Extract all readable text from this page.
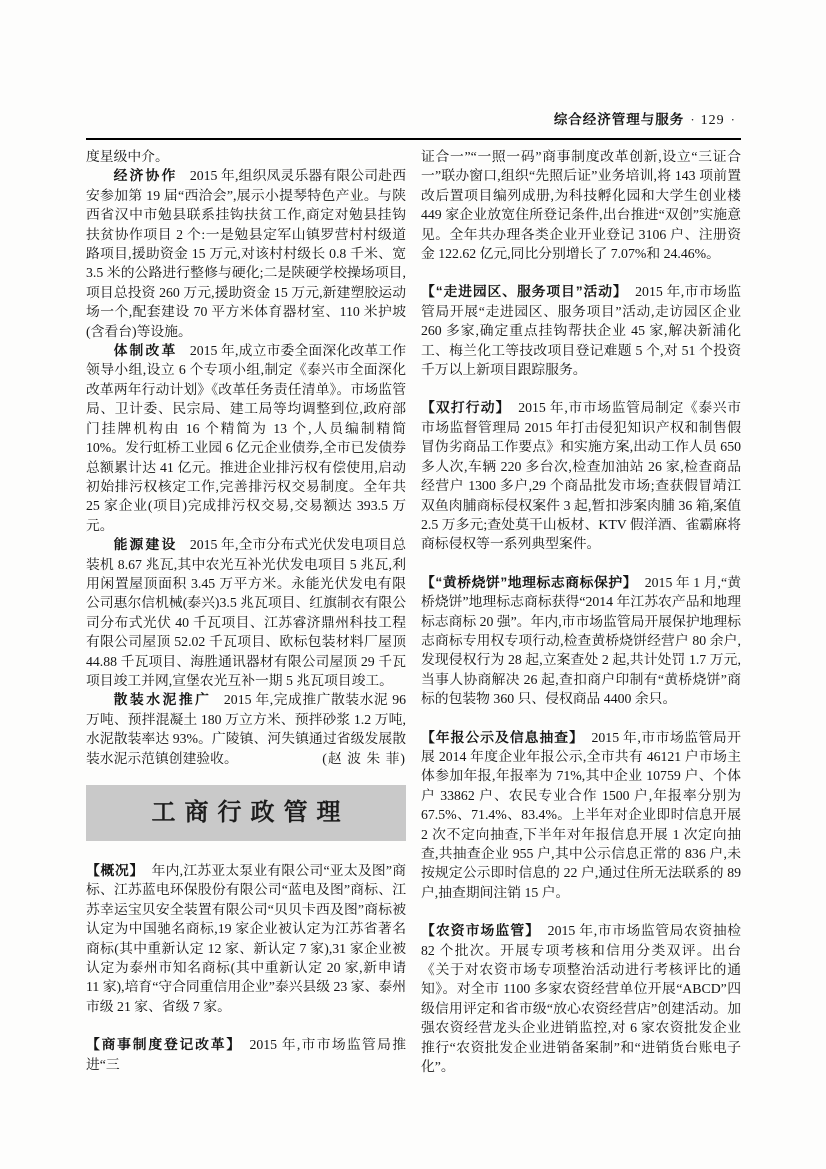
综合经济管理与服务 · 129 ·

度星级中介。

经济协作 2015 年,组织凤灵乐器有限公司赴西安参加第 19 届“西洽会”,展示小提琴特色产业。与陕西省汉中市勉县联系挂钩扶贫工作,商定对勉县挂钩扶贫协作项目 2 个:一是勉县定军山镇罗营村村级道路项目,援助资金 15 万元,对该村村级长 0.8 千米、宽 3.5 米的公路进行整修与硬化;二是陕硬学校操场项目,项目总投资 260 万元,援助资金 15 万元,新建塑胶运动场一个,配套建设 70 平方米体育器材室、110 米护坡(含看台)等设施。

体制改革 2015 年,成立市委全面深化改革工作领导小组,设立 6 个专项小组,制定《泰兴市全面深化改革两年行动计划》《改革任务责任清单》。市场监管局、卫计委、民宗局、建工局等均调整到位,政府部门挂牌机构由 16 个精简为 13 个,人员编制精简 10%。发行虹桥工业园 6 亿元企业债券,全市已发债券总额累计达 41 亿元。推进企业排污权有偿使用,启动初始排污权核定工作,完善排污权交易制度。全年共 25 家企业(项目)完成排污权交易,交易额达 393.5 万元。

能源建设 2015 年,全市分布式光伏发电项目总装机 8.67 兆瓦,其中农光互补光伏发电项目 5 兆瓦,利用闲置屋顶面积 3.45 万平方米。永能光伏发电有限公司惠尔信机械(泰兴)3.5 兆瓦项目、红旗制衣有限公司分布式光伏 40 千瓦项目、江苏睿济鼎州科技工程有限公司屋顶 52.02 千瓦项目、欧标包装材料厂屋顶 44.88 千瓦项目、海胜通讯器材有限公司屋顶 29 千瓦项目竣工并网,宣堡农光互补一期 5 兆瓦项目竣工。

散装水泥推广 2015 年,完成推广散装水泥 96 万吨、预拌混凝土 180 万立方米、预拌砂浆 1.2 万吨,水泥散装率达 93%。广陵镇、河失镇通过省级发展散装水泥示范镇创建验收。	(赵 波 朱 菲)

工商行政管理

【概况】 年内,江苏亚太泵业有限公司“亚太及图”商标、江苏蓝电环保股份有限公司“蓝电及图”商标、江苏幸运宝贝安全装置有限公司“贝贝卡西及图”商标被认定为中国驰名商标,19 家企业被认定为江苏省著名商标(其中重新认定 12 家、新认定 7 家),31 家企业被认定为泰州市知名商标(其中重新认定 20 家,新申请 11 家),培育“守合同重信用企业”泰兴县级 23 家、泰州市级 21 家、省级 7 家。

【商事制度登记改革】 2015 年,市市场监管局推进“三

证合一”“一照一码”商事制度改革创新,设立“三证合一”联办窗口,组织“先照后证”业务培训,将 143 项前置改后置项目编列成册,为科技孵化园和大学生创业楼 449 家企业放宽住所登记条件,出台推进“双创”实施意见。全年共办理各类企业开业登记 3106 户、注册资金 122.62 亿元,同比分别增长了 7.07%和 24.46%。

【“走进园区、服务项目”活动】 2015 年,市市场监管局开展“走进园区、服务项目”活动,走访园区企业 260 多家,确定重点挂钩帮扶企业 45 家,解决新浦化工、梅兰化工等技改项目登记难题 5 个,对 51 个投资千万以上新项目跟踪服务。

【双打行动】 2015 年,市市场监管局制定《泰兴市市场监督管理局 2015 年打击侵犯知识产权和制售假冒伪劣商品工作要点》和实施方案,出动工作人员 650 多人次,车辆 220 多台次,检查加油站 26 家,检查商品经营户 1300 多户,29 个商品批发市场;查获假冒靖江双鱼肉脯商标侵权案件 3 起,暂扣涉案肉脯 36 箱,案值 2.5 万多元;查处莫干山板材、KTV 假洋酒、雀霸麻将商标侵权等一系列典型案件。

【“黄桥烧饼”地理标志商标保护】 2015 年 1 月,“黄桥烧饼”地理标志商标获得“2014 年江苏农产品和地理标志商标 20 强”。年内,市市场监管局开展保护地理标志商标专用权专项行动,检查黄桥烧饼经营户 80 余户,发现侵权行为 28 起,立案查处 2 起,共计处罚 1.7 万元,当事人协商解决 26 起,查扣商户印制有“黄桥烧饼”商标的包装物 360 只、侵权商品 4400 余只。

【年报公示及信息抽查】 2015 年,市市场监管局开展 2014 年度企业年报公示,全市共有 46121 户市场主体参加年报,年报率为 71%,其中企业 10759 户、个体户 33862 户、农民专业合作 1500 户,年报率分别为 67.5%、71.4%、83.4%。上半年对企业即时信息开展 2 次不定向抽查,下半年对年报信息开展 1 次定向抽查,共抽查企业 955 户,其中公示信息正常的 836 户,未按规定公示即时信息的 22 户,通过住所无法联系的 89 户,抽查期间注销 15 户。

【农资市场监管】 2015 年,市市场监管局农资抽检 82 个批次。开展专项考核和信用分类双评。出台《关于对农资市场专项整治活动进行考核评比的通知》。对全市 1100 多家农资经营单位开展“ABCD”四级信用评定和省市级“放心农资经营店”创建活动。加强农资经营龙头企业进销监控,对 6 家农资批发企业推行“农资批发企业进销备案制”和“进销货台账电子化”。
